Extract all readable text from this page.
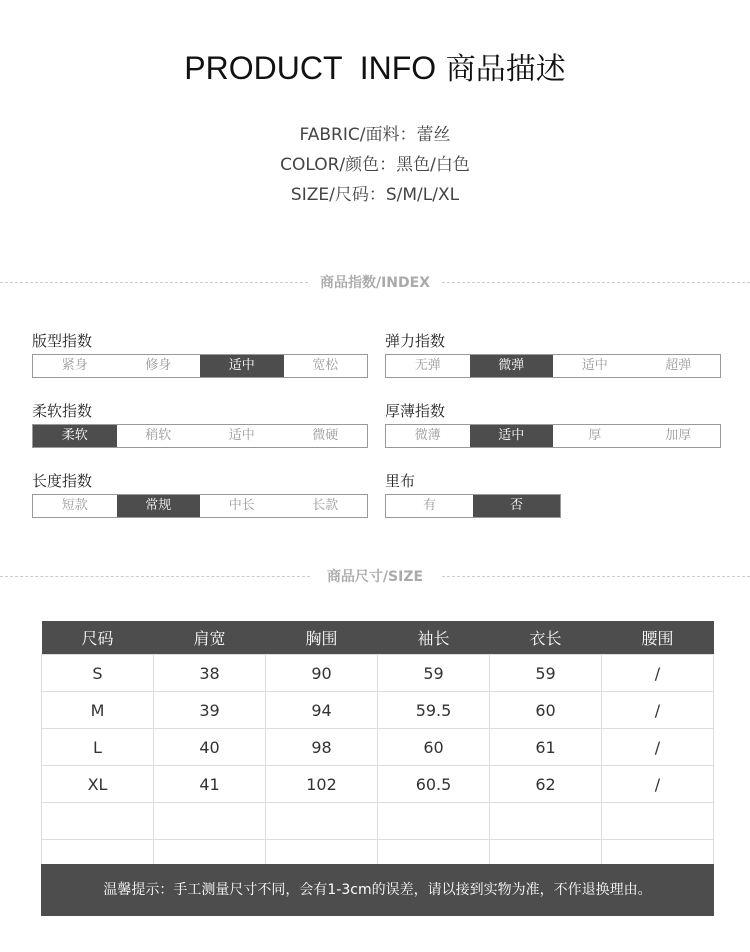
PRODUCT  INFO 商品描述
FABRIC/面料：蕾丝
COLOR/颜色：黑色/白色
SIZE/尺码：S/M/L/XL
商品指数/INDEX
版型指数
紧身	修身	适中	宽松
弹力指数
无弹	微弹	适中	超弹
柔软指数
柔软	稍软	适中	微硬
厚薄指数
微薄	适中	厚	加厚
长度指数
短款	常规	中长	长款
里布
有	否
商品尺寸/SIZE
尺码	肩宽	胸围	袖长	衣长	腰围
S	38	90	59	59	/
M	39	94	59.5	60	/
L	40	98	60	61	/
XL	41	102	60.5	62	/

温馨提示：手工测量尺寸不同，会有1-3cm的误差，请以接到实物为准，不作退换理由。
